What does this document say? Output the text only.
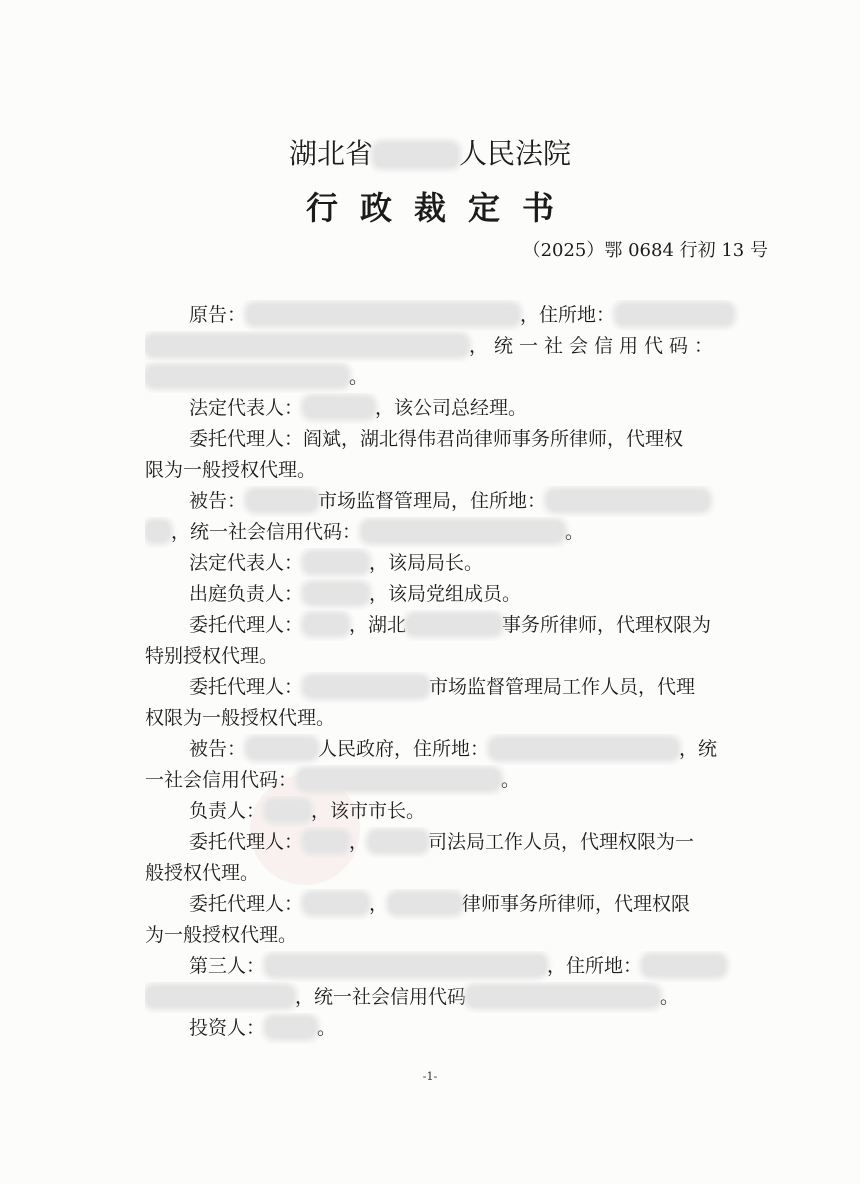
湖北省	人民法院
行政裁定书
（2025）鄂 0684 行初 13 号

原告：	，住所地：

，统一社会信用代码：

。

法定代表人：	，该公司总经理。

委托代理人：阎斌，湖北得伟君尚律师事务所律师，代理权

限为一般授权代理。

被告：	市场监督管理局，住所地：

，统一社会信用代码：	。

法定代表人：	，该局局长。

出庭负责人：	，该局党组成员。

委托代理人： ，湖北	事务所律师，代理权限为

特别授权代理。

委托代理人：	市场监督管理局工作人员，代理

权限为一般授权代理。

被告：	人民政府，住所地：	，统

一社会信用代码：	。

负责人： ，该市市长。

委托代理人： ，	司法局工作人员，代理权限为一

般授权代理。

委托代理人：	，	律师事务所律师，代理权限

为一般授权代理。

第三人：	，住所地：

，统一社会信用代码	。

投资人：	。

-1-
